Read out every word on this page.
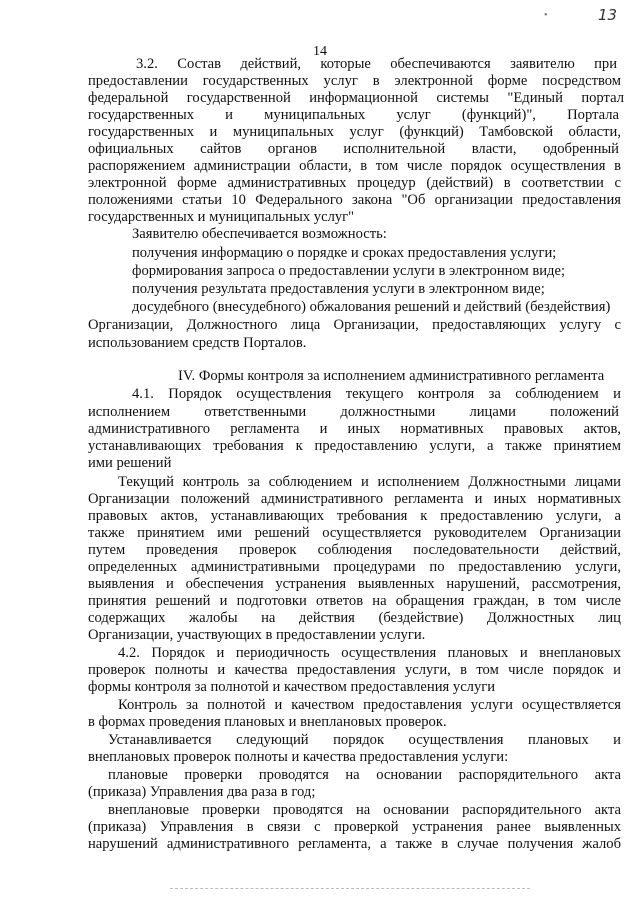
•	13
14
3.2. Состав действий, которые обеспечиваются заявителю при
предоставлении государственных услуг в электронной форме посредством
федеральной государственной информационной системы "Единый портал
государственных и муниципальных услуг (функций)", Портала
государственных и муниципальных услуг (функций) Тамбовской области,
официальных сайтов органов исполнительной власти, одобренный
распоряжением администрации области, в том числе порядок осуществления в
электронной форме административных процедур (действий) в соответствии с
положениями статьи 10 Федерального закона "Об организации предоставления
государственных и муниципальных услуг"
Заявителю обеспечивается возможность:
получения информацию о порядке и сроках предоставления услуги;
формирования запроса о предоставлении услуги в электронном виде;
получения результата предоставления услуги в электронном виде;
досудебного (внесудебного) обжалования решений и действий (бездействия)
Организации, Должностного лица Организации, предоставляющих услугу с
использованием средств Порталов.
IV. Формы контроля за исполнением административного регламента
4.1. Порядок осуществления текущего контроля за соблюдением и
исполнением ответственными должностными лицами положений
административного регламента и иных нормативных правовых актов,
устанавливающих требования к предоставлению услуги, а также принятием
ими решений
Текущий контроль за соблюдением и исполнением Должностными лицами
Организации положений административного регламента и иных нормативных
правовых актов, устанавливающих требования к предоставлению услуги, а
также принятием ими решений осуществляется руководителем Организации
путем проведения проверок соблюдения последовательности действий,
определенных административными процедурами по предоставлению услуги,
выявления и обеспечения устранения выявленных нарушений, рассмотрения,
принятия решений и подготовки ответов на обращения граждан, в том числе
содержащих жалобы на действия (бездействие) Должностных лиц
Организации, участвующих в предоставлении услуги.
4.2. Порядок и периодичность осуществления плановых и внеплановых
проверок полноты и качества предоставления услуги, в том числе порядок и
формы контроля за полнотой и качеством предоставления услуги
Контроль за полнотой и качеством предоставления услуги осуществляется
в формах проведения плановых и внеплановых проверок.
Устанавливается следующий порядок осуществления плановых и
внеплановых проверок полноты и качества предоставления услуги:
плановые проверки проводятся на основании распорядительного акта
(приказа) Управления два раза в год;
внеплановые проверки проводятся на основании распорядительного акта
(приказа) Управления в связи с проверкой устранения ранее выявленных
нарушений административного регламента, а также в случае получения жалоб
